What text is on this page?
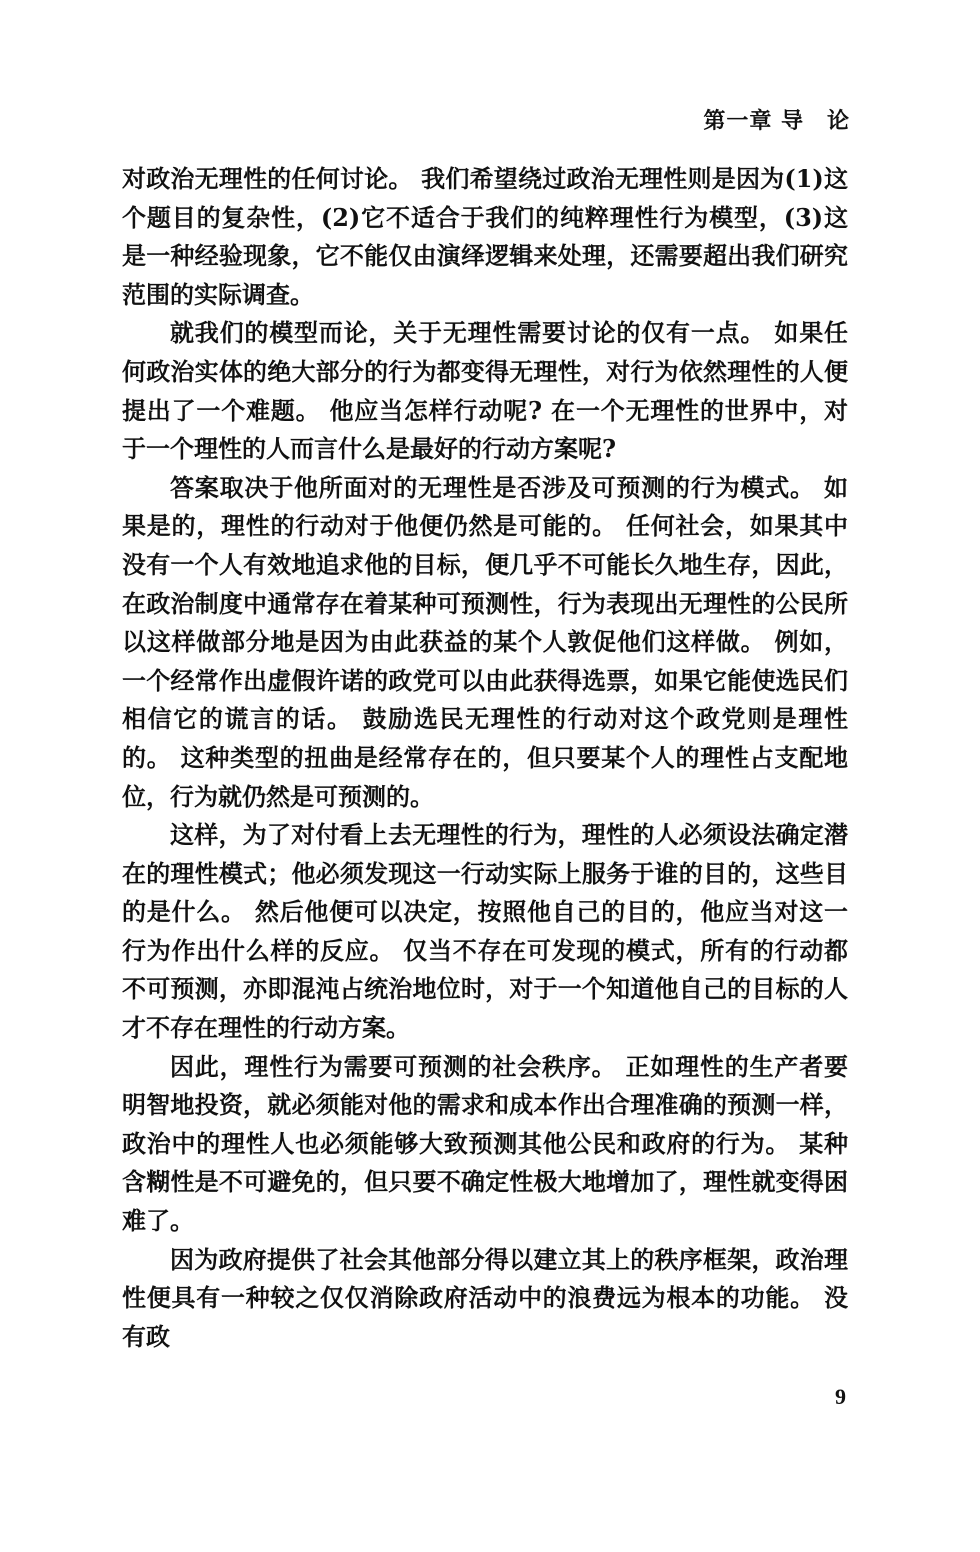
第一章 导　论

对政治无理性的任何讨论。 我们希望绕过政治无理性则是因为(1)这个题目的复杂性，(2)它不适合于我们的纯粹理性行为模型，(3)这是一种经验现象，它不能仅由演绎逻辑来处理，还需要超出我们研究范围的实际调查。

就我们的模型而论，关于无理性需要讨论的仅有一点。 如果任何政治实体的绝大部分的行为都变得无理性，对行为依然理性的人便提出了一个难题。 他应当怎样行动呢? 在一个无理性的世界中，对于一个理性的人而言什么是最好的行动方案呢?

答案取决于他所面对的无理性是否涉及可预测的行为模式。 如果是的，理性的行动对于他便仍然是可能的。 任何社会，如果其中没有一个人有效地追求他的目标，便几乎不可能长久地生存，因此，在政治制度中通常存在着某种可预测性，行为表现出无理性的公民所以这样做部分地是因为由此获益的某个人敦促他们这样做。 例如，一个经常作出虚假许诺的政党可以由此获得选票，如果它能使选民们相信它的谎言的话。 鼓励选民无理性的行动对这个政党则是理性的。 这种类型的扭曲是经常存在的，但只要某个人的理性占支配地位，行为就仍然是可预测的。

这样，为了对付看上去无理性的行为，理性的人必须设法确定潜在的理性模式；他必须发现这一行动实际上服务于谁的目的，这些目的是什么。 然后他便可以决定，按照他自己的目的，他应当对这一行为作出什么样的反应。 仅当不存在可发现的模式，所有的行动都不可预测，亦即混沌占统治地位时，对于一个知道他自己的目标的人才不存在理性的行动方案。

因此，理性行为需要可预测的社会秩序。 正如理性的生产者要明智地投资，就必须能对他的需求和成本作出合理准确的预测一样，政治中的理性人也必须能够大致预测其他公民和政府的行为。 某种含糊性是不可避免的，但只要不确定性极大地增加了，理性就变得困难了。

因为政府提供了社会其他部分得以建立其上的秩序框架，政治理性便具有一种较之仅仅消除政府活动中的浪费远为根本的功能。 没有政

9
